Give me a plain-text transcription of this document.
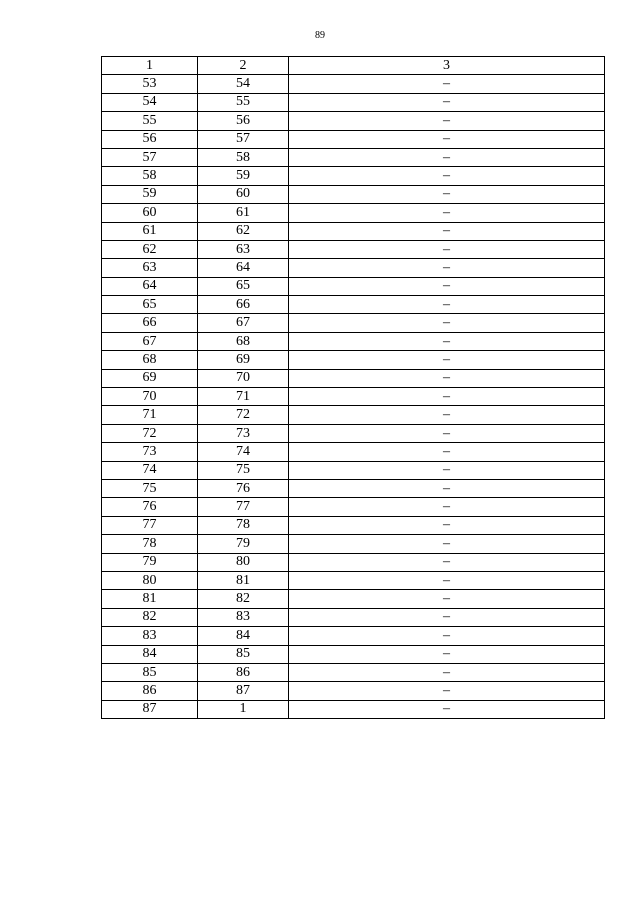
89
1	2	3
53	54	–
54	55	–
55	56	–
56	57	–
57	58	–
58	59	–
59	60	–
60	61	–
61	62	–
62	63	–
63	64	–
64	65	–
65	66	–
66	67	–
67	68	–
68	69	–
69	70	–
70	71	–
71	72	–
72	73	–
73	74	–
74	75	–
75	76	–
76	77	–
77	78	–
78	79	–
79	80	–
80	81	–
81	82	–
82	83	–
83	84	–
84	85	–
85	86	–
86	87	–
87	1	–
